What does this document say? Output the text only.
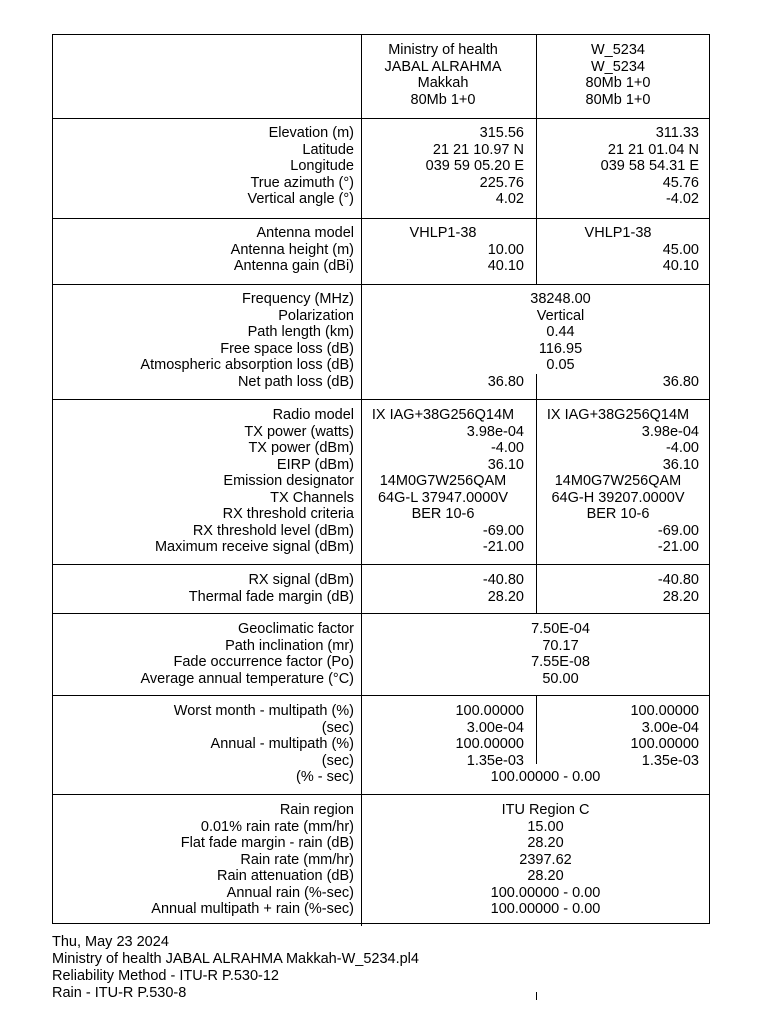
Ministry of health
JABAL ALRAHMA
Makkah
80Mb 1+0
W_5234
W_5234
80Mb 1+0
80Mb 1+0
Elevation (m)
Latitude
Longitude
True azimuth (°)
Vertical angle (°)
315.56
21 21 10.97 N
039 59 05.20 E
225.76
4.02
311.33
21 21 01.04 N
039 58 54.31 E
45.76
-4.02
Antenna model
Antenna height (m)
Antenna gain (dBi)
VHLP1-38
10.00
40.10
VHLP1-38
45.00
40.10
Frequency (MHz)
Polarization
Path length (km)
Free space loss (dB)
Atmospheric absorption loss (dB)
Net path loss (dB)
38248.00
Vertical
0.44
116.95
0.05
36.80	36.80
Radio model
TX power (watts)
TX power (dBm)
EIRP (dBm)
Emission designator
TX Channels
RX threshold criteria
RX threshold level (dBm)
Maximum receive signal (dBm)
IX IAG+38G256Q14M
3.98e-04
-4.00
36.10
14M0G7W256QAM
64G-L 37947.0000V
BER 10-6
-69.00
-21.00
IX IAG+38G256Q14M
3.98e-04
-4.00
36.10
14M0G7W256QAM
64G-H 39207.0000V
BER 10-6
-69.00
-21.00
RX signal (dBm)
Thermal fade margin (dB)
-40.80
28.20
-40.80
28.20
Geoclimatic factor
Path inclination (mr)
Fade occurrence factor (Po)
Average annual temperature (°C)
7.50E-04
70.17
7.55E-08
50.00
Worst month - multipath (%)
(sec)
Annual - multipath (%)
(sec)
(% - sec)
100.00000
3.00e-04
100.00000
1.35e-03
100.00000
3.00e-04
100.00000
1.35e-03
100.00000 - 0.00
Rain region
0.01% rain rate (mm/hr)
Flat fade margin - rain (dB)
Rain rate (mm/hr)
Rain attenuation (dB)
Annual rain (%-sec)
Annual multipath + rain (%-sec)
ITU Region C
15.00
28.20
2397.62
28.20
100.00000 - 0.00
100.00000 - 0.00
Thu, May 23 2024
Ministry of health JABAL ALRAHMA Makkah-W_5234.pl4
Reliability Method - ITU-R P.530-12
Rain - ITU-R P.530-8
